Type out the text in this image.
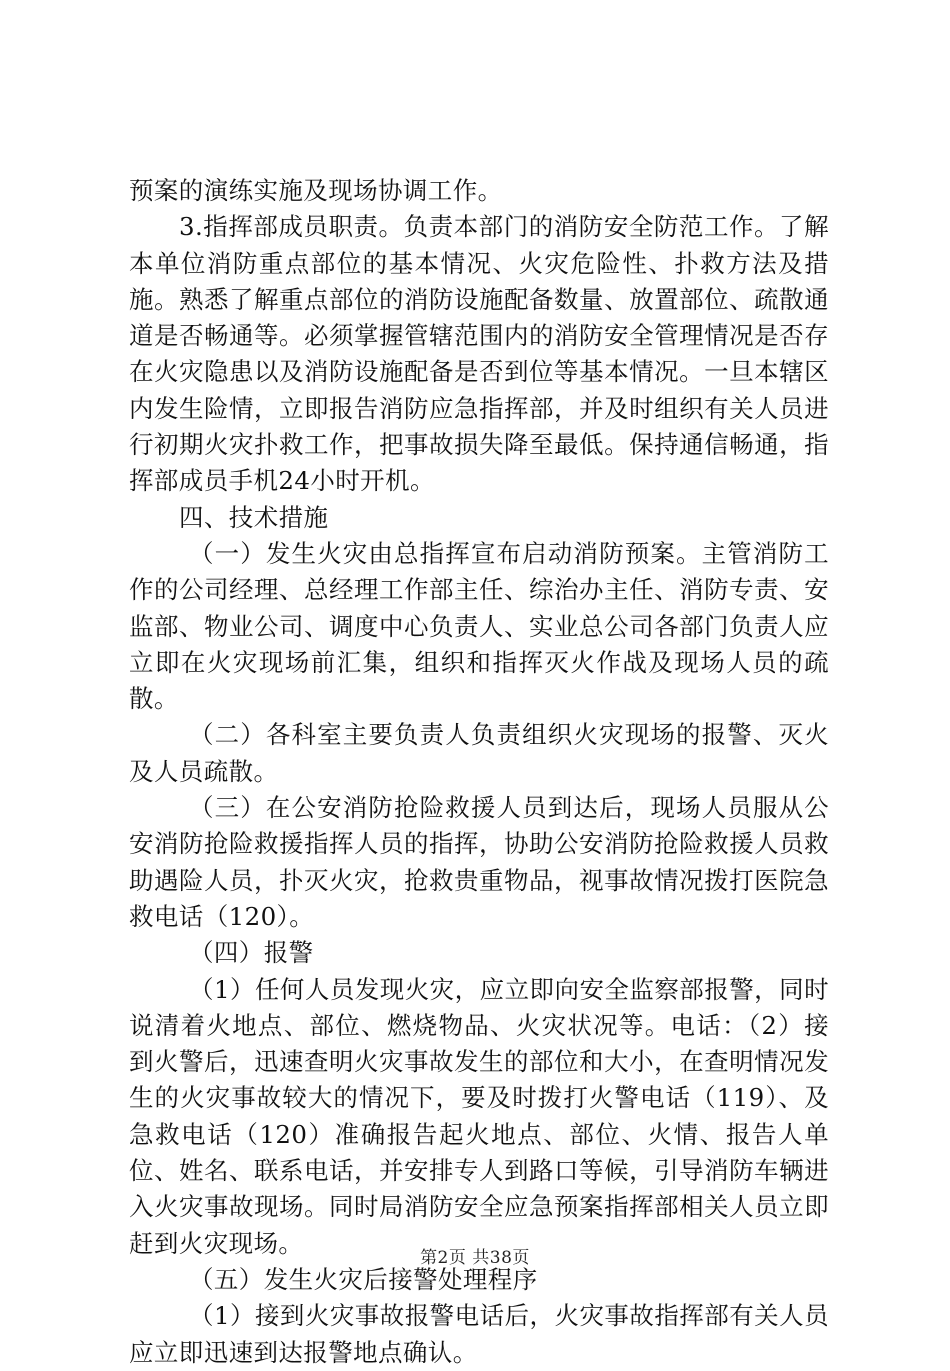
预案的演练实施及现场协调工作。

3.指挥部成员职责。负责本部门的消防安全防范工作。了解本单位消防重点部位的基本情况、火灾危险性、扑救方法及措施。熟悉了解重点部位的消防设施配备数量、放置部位、疏散通道是否畅通等。必须掌握管辖范围内的消防安全管理情况是否存在火灾隐患以及消防设施配备是否到位等基本情况。一旦本辖区内发生险情，立即报告消防应急指挥部，并及时组织有关人员进行初期火灾扑救工作，把事故损失降至最低。保持通信畅通，指挥部成员手机24小时开机。

四、技术措施

（一）发生火灾由总指挥宣布启动消防预案。主管消防工作的公司经理、总经理工作部主任、综治办主任、消防专责、安监部、物业公司、调度中心负责人、实业总公司各部门负责人应立即在火灾现场前汇集，组织和指挥灭火作战及现场人员的疏散。

（二）各科室主要负责人负责组织火灾现场的报警、灭火及人员疏散。

（三）在公安消防抢险救援人员到达后，现场人员服从公安消防抢险救援指挥人员的指挥，协助公安消防抢险救援人员救助遇险人员，扑灭火灾，抢救贵重物品，视事故情况拨打医院急救电话（120）。

（四）报警

（1）任何人员发现火灾，应立即向安全监察部报警，同时说清着火地点、部位、燃烧物品、火灾状况等。电话：（2）接到火警后，迅速查明火灾事故发生的部位和大小，在查明情况发生的火灾事故较大的情况下，要及时拨打火警电话（119）、及急救电话（120）准确报告起火地点、部位、火情、报告人单位、姓名、联系电话，并安排专人到路口等候，引导消防车辆进入火灾事故现场。同时局消防安全应急预案指挥部相关人员立即赶到火灾现场。

（五）发生火灾后接警处理程序

（1）接到火灾事故报警电话后，火灾事故指挥部有关人员应立即迅速到达报警地点确认。

第2页 共38页
